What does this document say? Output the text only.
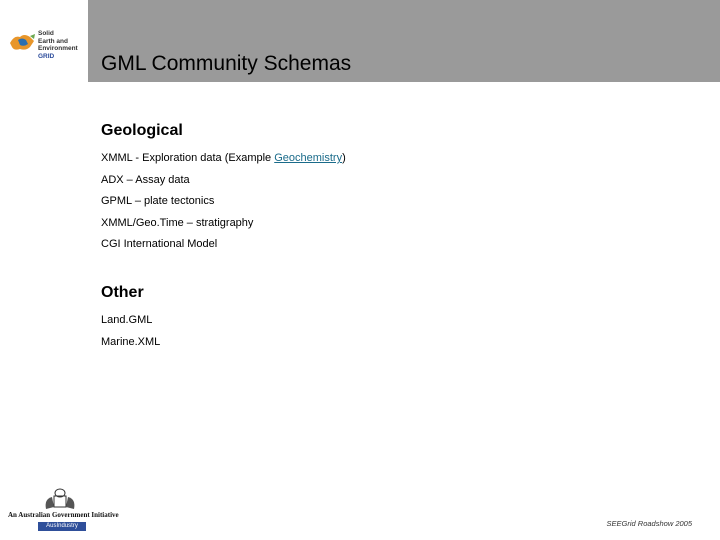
Solid
Earth and
Environment
GRID	GML Community Schemas
Geological

XMML - Exploration data (Example Geochemistry)

ADX – Assay data

GPML – plate tectonics

XMML/Geo.Time – stratigraphy

CGI International Model

Other

Land.GML

Marine.XML

An Australian Government Initiative
AusIndustry	SEEGrid Roadshow 2005
